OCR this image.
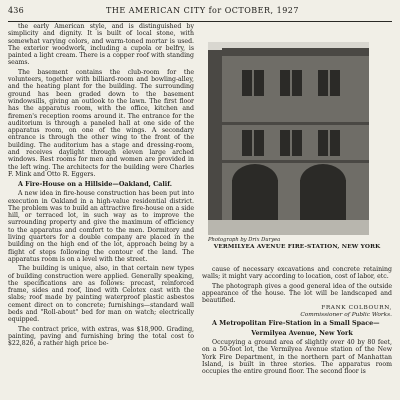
436	THE AMERICAN CITY for OCTOBER, 1927

the early American style, and is distinguished by simplicity and dignity. It is built of local stone, with somewhat varying colors, and warm-toned mortar is used. The exterior woodwork, including a cupola or belfry, is painted a light cream. There is a copper roof with standing seams.

The basement contains the club-room for the volunteers, together with billiard-room and bowling-alley, and the heating plant for the building. The surrounding ground has been graded down to the basement windowsills, giving an outlook to the lawn. The first floor has the apparatus room, with the office, kitchen and firemen's reception rooms around it. The entrance for the auditorium is through a paneled hall at one side of the apparatus room, on one of the wings. A secondary entrance is through the other wing to the front of the building. The auditorium has a stage and dressing-room, and receives daylight through eleven large arched windows. Rest rooms for men and women are provided in the left wing. The architects for the building were Charles F. Mink and Otto R. Eggers.

A Fire-House on a Hillside—Oakland, Calif.

A new idea in fire-house construction has been put into execution in Oakland in a high-value residential district. The problem was to build an attractive fire-house on a side hill, or terraced lot, in such way as to improve the surrounding property and give the maximum of efficiency to the apparatus and comfort to the men. Dormitory and living quarters for a double company are placed in the building on the high end of the lot, approach being by a flight of steps following the contour of the land. The apparatus room is on a level with the street.

The building is unique, also, in that certain new types of building construction were applied. Generally speaking, the specifications are as follows: precast, reinforced frame, sides and roof, lined with Celotex cast with the slabs; roof made by painting waterproof plastic asbestos cement direct on to concrete; furnishings—standard wall beds and "Roll-about" bed for man on watch; electrically equipped.

The contract price, with extras, was $18,900. Grading, painting, paving and furnishing bring the total cost to $22,826, a rather high price be-

Photograph by Drix Duryea
VERMILYEA AVENUE FIRE-STATION, NEW YORK

cause of necessary excavations and concrete retaining walls; it might vary according to location, cost of labor, etc.

The photograph gives a good general idea of the outside appearance of the house. The lot will be landscaped and beautified.

FRANK COLBOURN,
Commissioner of Public Works.

A Metropolitan Fire-Station in a Small Space—

Vermilyea Avenue, New York

Occupying a ground area of slightly over 40 by 80 feet, on a 50-foot lot, the Vermilyea Avenue station of the New York Fire Department, in the northern part of Manhattan Island, is built in three stories. The apparatus room occupies the entire ground floor. The second floor is
